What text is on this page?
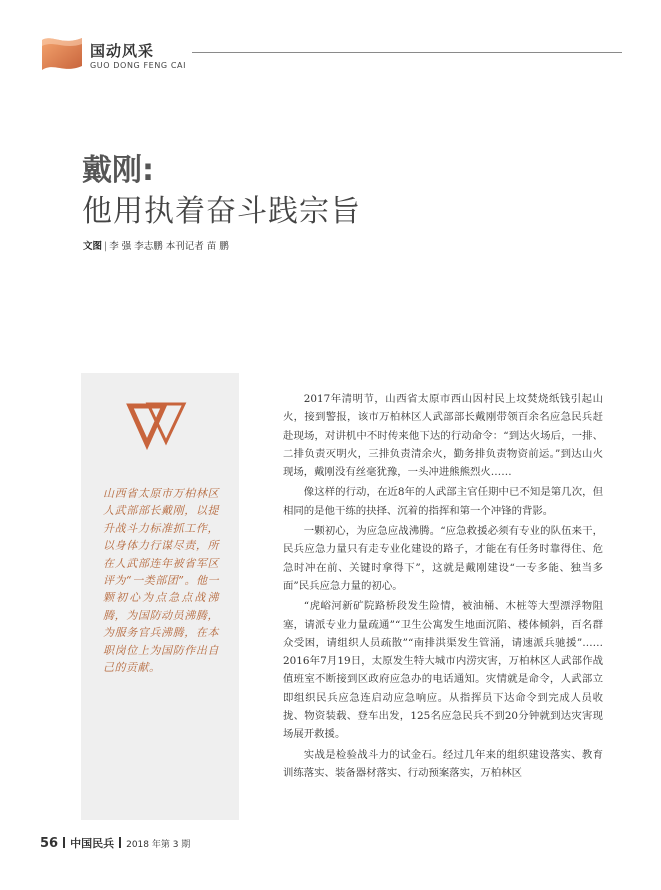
国动风采
GUO DONG FENG CAI
戴刚:
他用执着奋斗践宗旨
文图 | 李 强 李志鹏 本刊记者 苗 鹏
山西省太原市万柏林区人武部部长戴刚，以提升战斗力标准抓工作，以身体力行谋尽责，所在人武部连年被省军区评为“一类部团”。他一颗初心为点急点战沸腾，为国防动员沸腾，为服务官兵沸腾，在本职岗位上为国防作出自己的贡献。

2017年清明节，山西省太原市西山因村民上坟焚烧纸钱引起山火，接到警报，该市万柏林区人武部部长戴刚带领百余名应急民兵赶赴现场，对讲机中不时传来他下达的行动命令：“到达火场后，一排、二排负责灭明火，三排负责清余火，勤务排负责物资前运。”到达山火现场，戴刚没有丝毫犹豫，一头冲进熊熊烈火……

像这样的行动，在近8年的人武部主官任期中已不知是第几次，但相同的是他干练的抉择、沉着的指挥和第一个冲锋的背影。

一颗初心，为应急应战沸腾。“应急救援必须有专业的队伍来干，民兵应急力量只有走专业化建设的路子，才能在有任务时靠得住、危急时冲在前、关键时拿得下”，这就是戴刚建设“一专多能、独当多面”民兵应急力量的初心。

“虎峪河新矿院路桥段发生险情，被油桶、木桩等大型漂浮物阻塞，请派专业力量疏通”“卫生公寓发生地面沉陷、楼体倾斜，百名群众受困，请组织人员疏散”“南排洪渠发生管涌，请速派兵驰援”……2016年7月19日，太原发生特大城市内涝灾害，万柏林区人武部作战值班室不断接到区政府应急办的电话通知。灾情就是命令，人武部立即组织民兵应急连启动应急响应。从指挥员下达命令到完成人员收拢、物资装载、登车出发，125名应急民兵不到20分钟就到达灾害现场展开救援。

实战是检验战斗力的试金石。经过几年来的组织建设落实、教育训练落实、装备器材落实、行动预案落实，万柏林区

56 中国民兵 2018 年第 3 期
